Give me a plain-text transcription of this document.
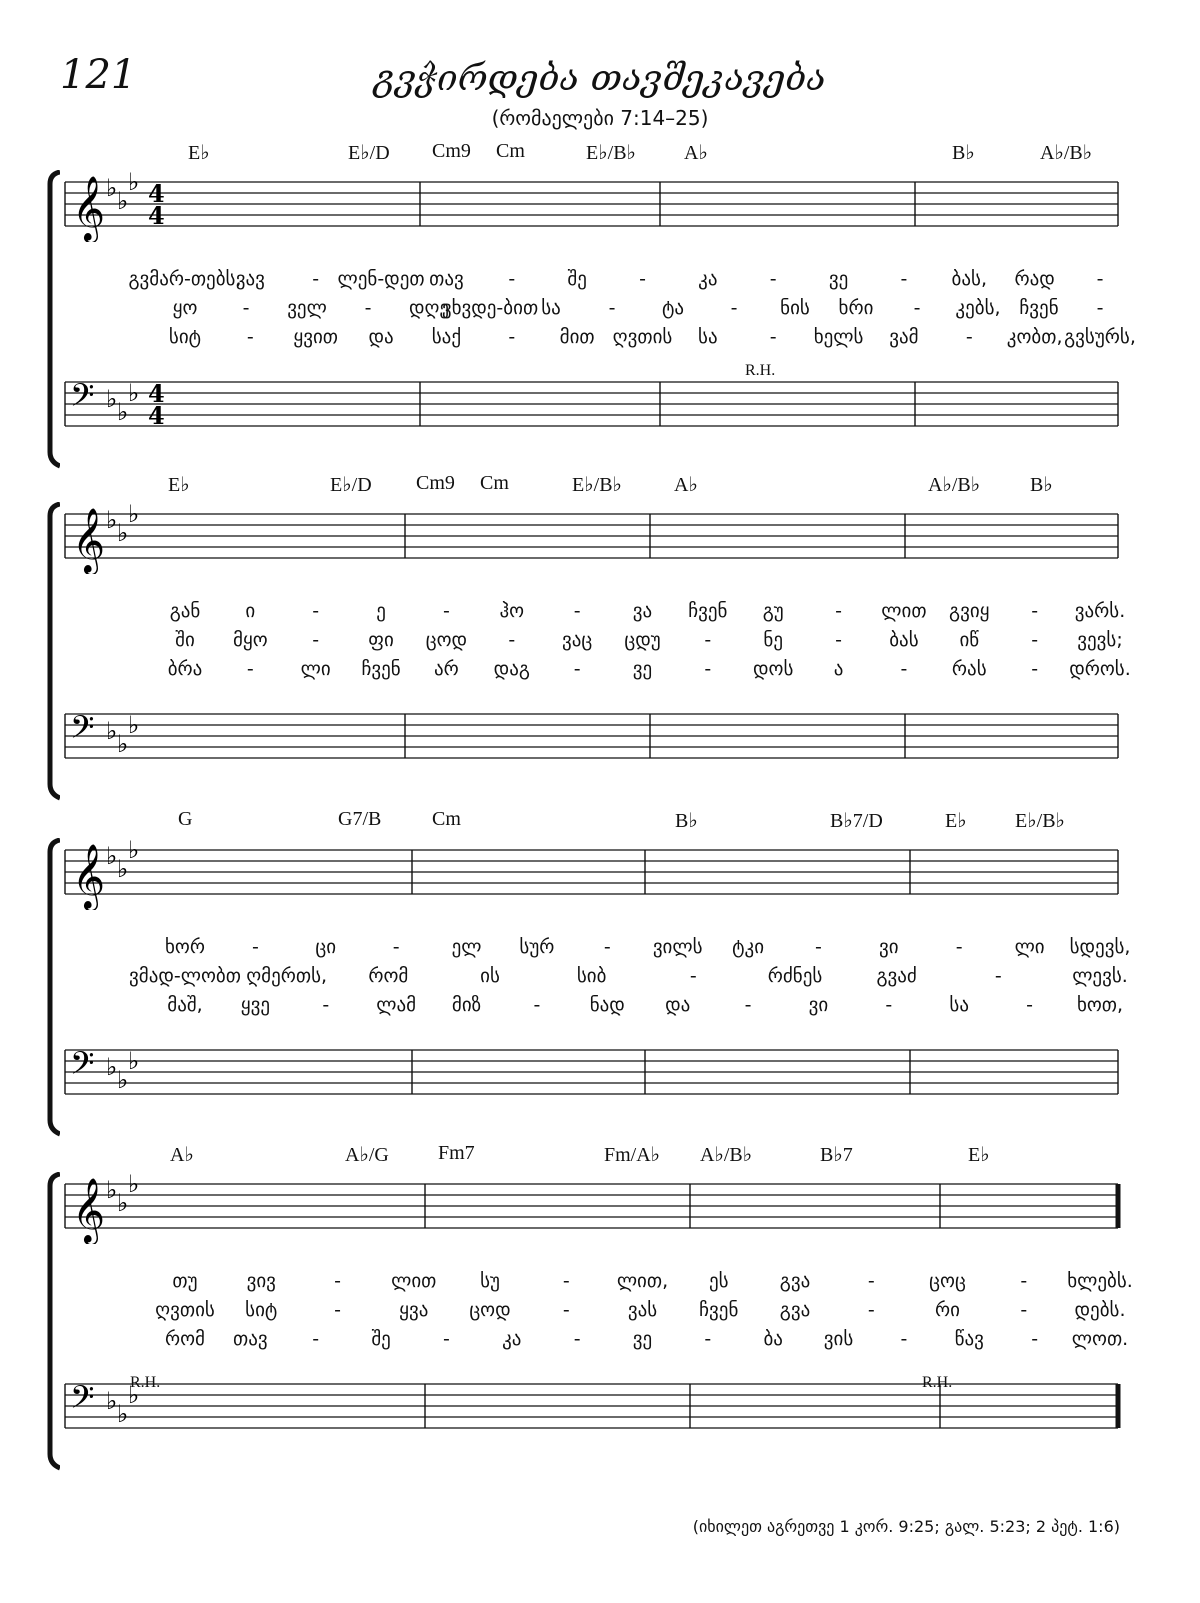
121	გვჭირდება თავშეკავება
(რომაელები 7:14–25)
E♭	E♭/D Cm9 Cm	E♭/B♭ A♭	B♭	A♭/B♭
𝄞 ♭ ♭
♭ 4
4
გვმარ-თებს,
ვავ - ლენ-დეთ თავ -	შე	-	კა	-	ვე	- ბას, რად -
ყო - ველ - დღე
ვხვდე-ბით სა	- ტა - ნის ხრი - კებს, ჩვენ -
სიტ - ყვით და საქ - მით ღვთის სა	- ხელს ვამ - კობთ, გვსურს,
R.H.
𝄢 ♭ ♭
♭ 4
4
E♭	E♭/D Cm9 Cm	E♭/B♭	A♭	A♭/B♭ B♭
𝄞 ♭ ♭
♭
გან ი	-	ე	-	ჰო	-	ვა ჩვენ გუ	- ლით გვიყ - ვარს.
ში მყო -	ფი ცოდ - ვაც ცდუ -	ნე	- ბას იწ	- ვევს;
ბრა - ლი ჩვენ არ დაგ -	ვე	- დოს ა	- რას - დროს.
𝄢 ♭ ♭
♭
G	G7/B	Cm	B♭	B♭7/D	E♭ E♭/B♭
𝄞 ♭ ♭
♭
ხორ -	ცი	-	ელ სურ	- ვილს ტკი	-	ვი	-	ლი სდევს,
ვმად-ლობთ ღმერთს, რომ	ის	სიბ	-	რძნეს	გვაძ	-	ლევს.
მაშ, ყვე	- ლამ მიზ	-	ნად და	-	ვი	-	სა	- ხოთ,
𝄢 ♭ ♭
♭
A♭	A♭/G Fm7	Fm/A♭ A♭/B♭	B♭7	E♭
𝄞 ♭ ♭
♭
თუ	ვივ	-	ლით სუ	- ლით, ეს	გვა	-	ცოც	- ხლებს.
ღვთის სიტ	-	ყვა ცოდ	-	ვას ჩვენ გვა	-	რი	- დებს.
რომ თავ -	შე	-	კა	-	ვე	-	ბა ვის - წავ - ლოთ.
R.H.	R.H.
𝄢 ♭ ♭
♭
(იხილეთ აგრეთვე 1 კორ. 9:25; გალ. 5:23; 2 პეტ. 1:6)
